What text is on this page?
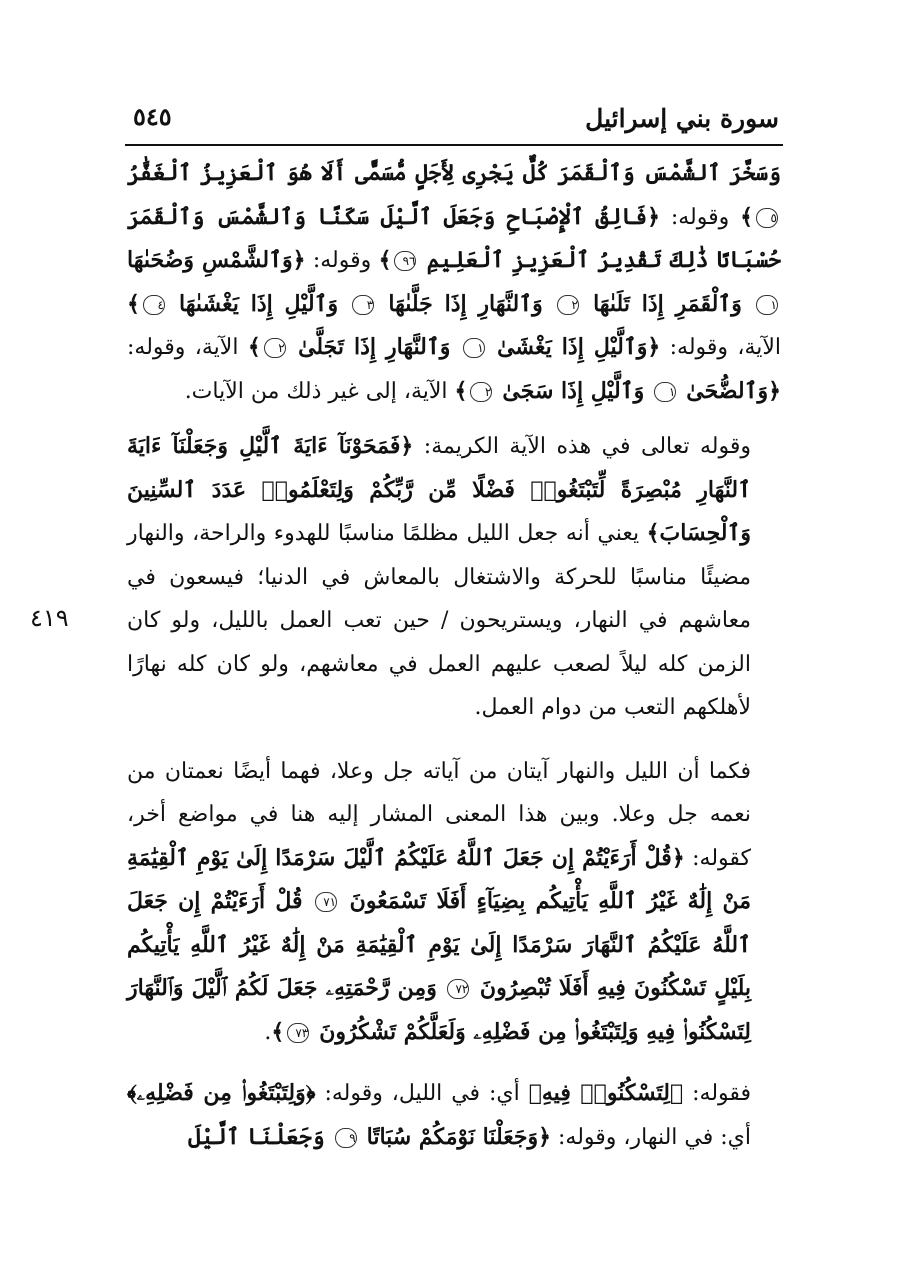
٥٤٥	سورة بني إسرائيل
٤١٩

وَسَخَّرَ ٱلشَّمْسَ وَٱلْقَمَرَ كُلٌّ يَجْرِى لِأَجَلٍ مُّسَمًّى أَلَا هُوَ ٱلْعَزِيزُ ٱلْغَفَّٰرُ ٥﴾ وقوله: ﴿فَالِقُ ٱلْإِصْبَاحِ وَجَعَلَ ٱلَّيْلَ سَكَنًا وَٱلشَّمْسَ وَٱلْقَمَرَ حُسْبَانًا ذَٰلِكَ تَقْدِيرُ ٱلْعَزِيزِ ٱلْعَلِيمِ ٩٦﴾ وقوله: ﴿وَٱلشَّمْسِ وَضُحَىٰهَا ١ وَٱلْقَمَرِ إِذَا تَلَىٰهَا ٢ وَٱلنَّهَارِ إِذَا جَلَّىٰهَا ٣ وَٱلَّيْلِ إِذَا يَغْشَىٰهَا ٤﴾ الآية، وقوله: ﴿وَٱلَّيْلِ إِذَا يَغْشَىٰ ١ وَٱلنَّهَارِ إِذَا تَجَلَّىٰ ٢﴾ الآية، وقوله: ﴿وَٱلضُّحَىٰ ١ وَٱلَّيْلِ إِذَا سَجَىٰ ٢﴾ الآية، إلى غير ذلك من الآيات.

وقوله تعالى في هذه الآية الكريمة: ﴿فَمَحَوْنَآ ءَايَةَ ٱلَّيْلِ وَجَعَلْنَآ ءَايَةَ ٱلنَّهَارِ مُبْصِرَةً لِّتَبْتَغُوا۟ فَضْلًا مِّن رَّبِّكُمْ وَلِتَعْلَمُوا۟ عَدَدَ ٱلسِّنِينَ وَٱلْحِسَابَ﴾ يعني أنه جعل الليل مظلمًا مناسبًا للهدوء والراحة، والنهار مضيئًا مناسبًا للحركة والاشتغال بالمعاش في الدنيا؛ فيسعون في معاشهم في النهار، ويستريحون / حين تعب العمل بالليل، ولو كان الزمن كله ليلاً لصعب عليهم العمل في معاشهم، ولو كان كله نهارًا لأهلكهم التعب من دوام العمل.

فكما أن الليل والنهار آيتان من آياته جل وعلا، فهما أيضًا نعمتان من نعمه جل وعلا. وبين هذا المعنى المشار إليه هنا في مواضع أخر، كقوله: ﴿قُلْ أَرَءَيْتُمْ إِن جَعَلَ ٱللَّهُ عَلَيْكُمُ ٱلَّيْلَ سَرْمَدًا إِلَىٰ يَوْمِ ٱلْقِيَٰمَةِ مَنْ إِلَٰهٌ غَيْرُ ٱللَّهِ يَأْتِيكُم بِضِيَآءٍ أَفَلَا تَسْمَعُونَ ٧١ قُلْ أَرَءَيْتُمْ إِن جَعَلَ ٱللَّهُ عَلَيْكُمُ ٱلنَّهَارَ سَرْمَدًا إِلَىٰ يَوْمِ ٱلْقِيَٰمَةِ مَنْ إِلَٰهٌ غَيْرُ ٱللَّهِ يَأْتِيكُم بِلَيْلٍ تَسْكُنُونَ فِيهِ أَفَلَا تُبْصِرُونَ ٧٢ وَمِن رَّحْمَتِهِۦ جَعَلَ لَكُمُ ٱلَّيْلَ وَٱلنَّهَارَ لِتَسْكُنُوا۟ فِيهِ وَلِتَبْتَغُوا۟ مِن فَضْلِهِۦ وَلَعَلَّكُمْ تَشْكُرُونَ ٧٣﴾.

فقوله: ﴿لِتَسْكُنُوا۟ فِيهِ﴾ أي: في الليل، وقوله: ﴿وَلِتَبْتَغُوا۟ مِن فَضْلِهِۦ﴾ أي: في النهار، وقوله: ﴿وَجَعَلْنَا نَوْمَكُمْ سُبَاتًا ٩ وَجَعَلْنَا ٱلَّيْلَ
